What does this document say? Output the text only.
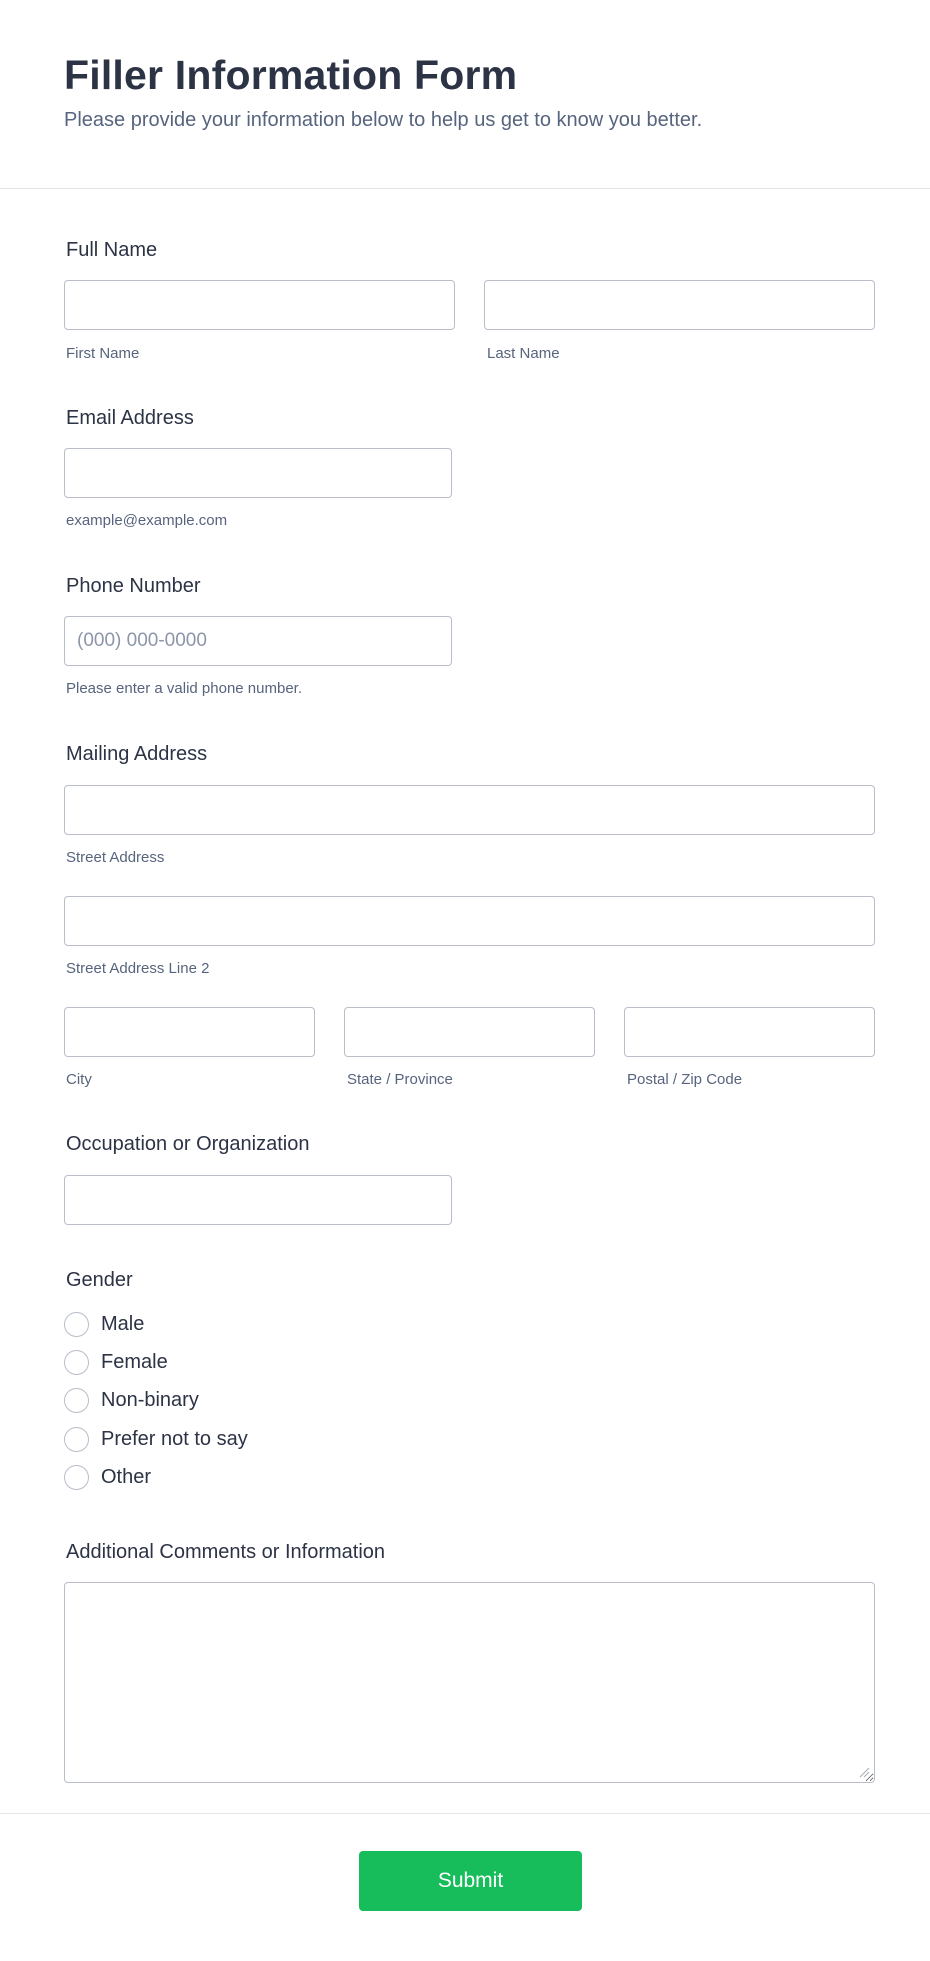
Filler Information Form

Please provide your information below to help us get to know you better.

Full Name
First Name	Last Name
Email Address
example@example.com
Phone Number
(000) 000-0000
Please enter a valid phone number.
Mailing Address
Street Address
Street Address Line 2
City	State / Province	Postal / Zip Code
Occupation or Organization
Gender
Male
Female
Non-binary
Prefer not to say
Other
Additional Comments or Information
Submit
